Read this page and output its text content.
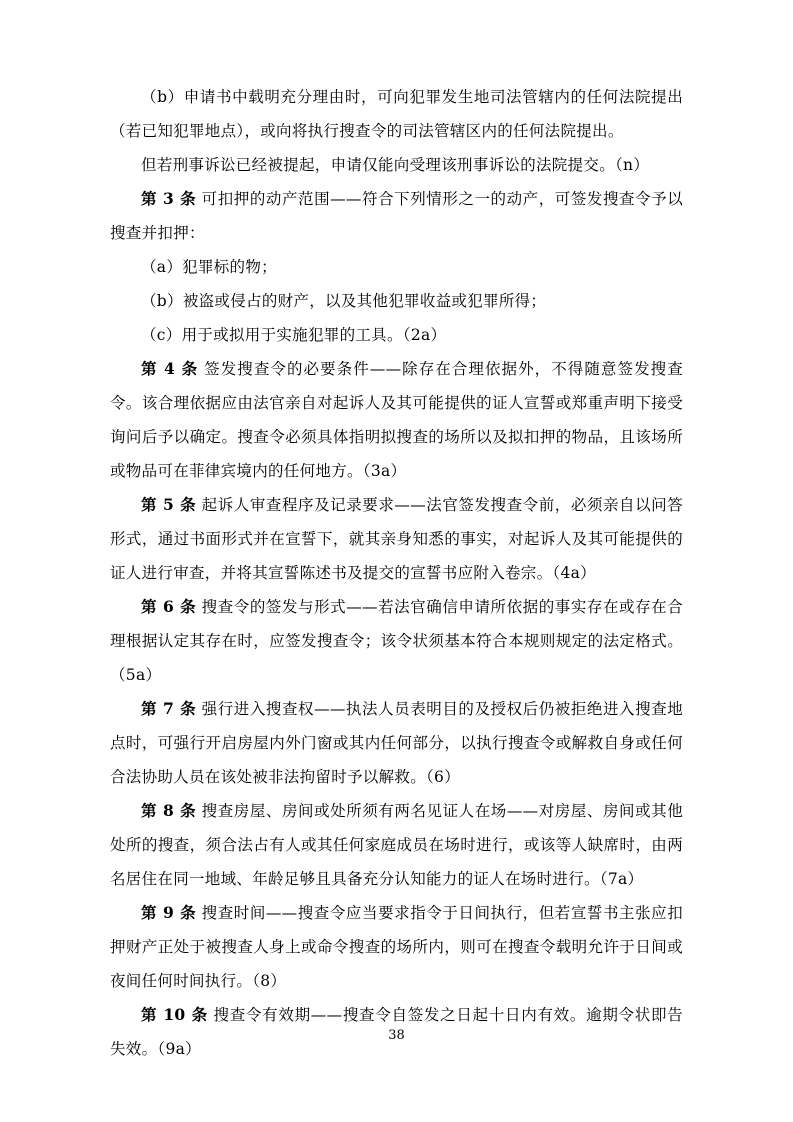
（b）申请书中载明充分理由时，可向犯罪发生地司法管辖内的任何法院提出（若已知犯罪地点），或向将执行搜查令的司法管辖区内的任何法院提出。
但若刑事诉讼已经被提起，申请仅能向受理该刑事诉讼的法院提交。（n）
第 3 条 可扣押的动产范围——符合下列情形之一的动产，可签发搜查令予以搜查并扣押：
（a）犯罪标的物；
（b）被盗或侵占的财产，以及其他犯罪收益或犯罪所得；
（c）用于或拟用于实施犯罪的工具。（2a）
第 4 条 签发搜查令的必要条件——除存在合理依据外，不得随意签发搜查令。该合理依据应由法官亲自对起诉人及其可能提供的证人宣誓或郑重声明下接受询问后予以确定。搜查令必须具体指明拟搜查的场所以及拟扣押的物品，且该场所或物品可在菲律宾境内的任何地方。（3a）
第 5 条 起诉人审查程序及记录要求——法官签发搜查令前，必须亲自以问答形式，通过书面形式并在宣誓下，就其亲身知悉的事实，对起诉人及其可能提供的证人进行审查，并将其宣誓陈述书及提交的宣誓书应附入卷宗。（4a）
第 6 条 搜查令的签发与形式——若法官确信申请所依据的事实存在或存在合理根据认定其存在时，应签发搜查令；该令状须基本符合本规则规定的法定格式。（5a）
第 7 条 强行进入搜查权——执法人员表明目的及授权后仍被拒绝进入搜查地点时，可强行开启房屋内外门窗或其内任何部分，以执行搜查令或解救自身或任何合法协助人员在该处被非法拘留时予以解救。（6）
第 8 条 搜查房屋、房间或处所须有两名见证人在场——对房屋、房间或其他处所的搜查，须合法占有人或其任何家庭成员在场时进行，或该等人缺席时，由两名居住在同一地域、年龄足够且具备充分认知能力的证人在场时进行。（7a）
第 9 条 搜查时间——搜查令应当要求指令于日间执行，但若宣誓书主张应扣押财产正处于被搜查人身上或命令搜查的场所内，则可在搜查令载明允许于日间或夜间任何时间执行。（8）
第 10 条 搜查令有效期——搜查令自签发之日起十日内有效。逾期令状即告失效。（9a）
38
